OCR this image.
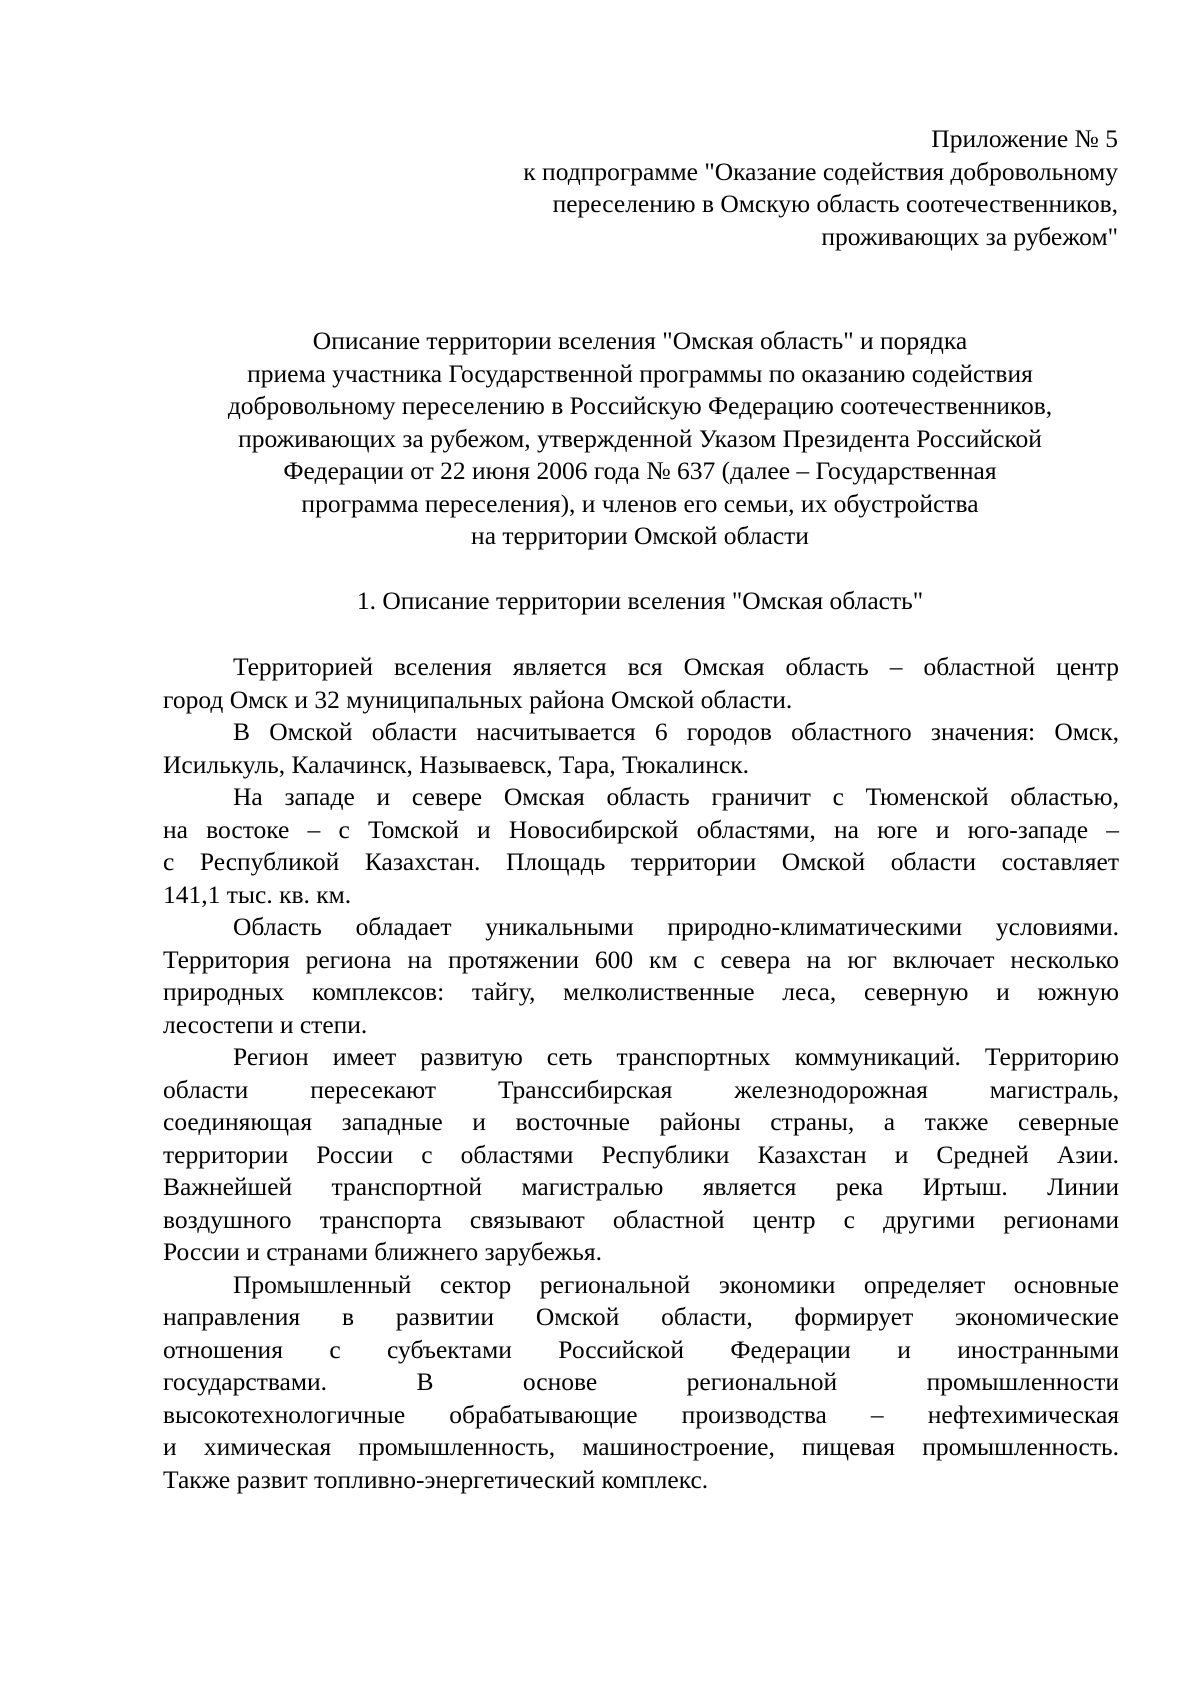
Приложение № 5
к подпрограмме "Оказание содействия добровольному
переселению в Омскую область соотечественников,
проживающих за рубежом"
Описание территории вселения "Омская область" и порядка
приема участника Государственной программы по оказанию содействия
добровольному переселению в Российскую Федерацию соотечественников,
проживающих за рубежом, утвержденной Указом Президента Российской
Федерации от 22 июня 2006 года № 637 (далее – Государственная
программа переселения), и членов его семьи, их обустройства
на территории Омской области
1. Описание территории вселения "Омская область"
Территорией вселения является вся Омская область – областной центр
город Омск и 32 муниципальных района Омской области.
В Омской области насчитывается 6 городов областного значения: Омск,
Исилькуль, Калачинск, Называевск, Тара, Тюкалинск.
На западе и севере Омская область граничит с Тюменской областью,
на востоке – с Томской и Новосибирской областями, на юге и юго-западе –
с Республикой Казахстан. Площадь территории Омской области составляет
141,1 тыс. кв. км.
Область обладает уникальными природно-климатическими условиями.
Территория региона на протяжении 600 км с севера на юг включает несколько
природных комплексов: тайгу, мелколиственные леса, северную и южную
лесостепи и степи.
Регион имеет развитую сеть транспортных коммуникаций. Территорию
области пересекают Транссибирская железнодорожная магистраль,
соединяющая западные и восточные районы страны, а также северные
территории России с областями Республики Казахстан и Средней Азии.
Важнейшей транспортной магистралью является река Иртыш. Линии
воздушного транспорта связывают областной центр с другими регионами
России и странами ближнего зарубежья.
Промышленный сектор региональной экономики определяет основные
направления в развитии Омской области, формирует экономические
отношения с субъектами Российской Федерации и иностранными
государствами. В основе региональной промышленности
высокотехнологичные обрабатывающие производства – нефтехимическая
и химическая промышленность, машиностроение, пищевая промышленность.
Также развит топливно-энергетический комплекс.
